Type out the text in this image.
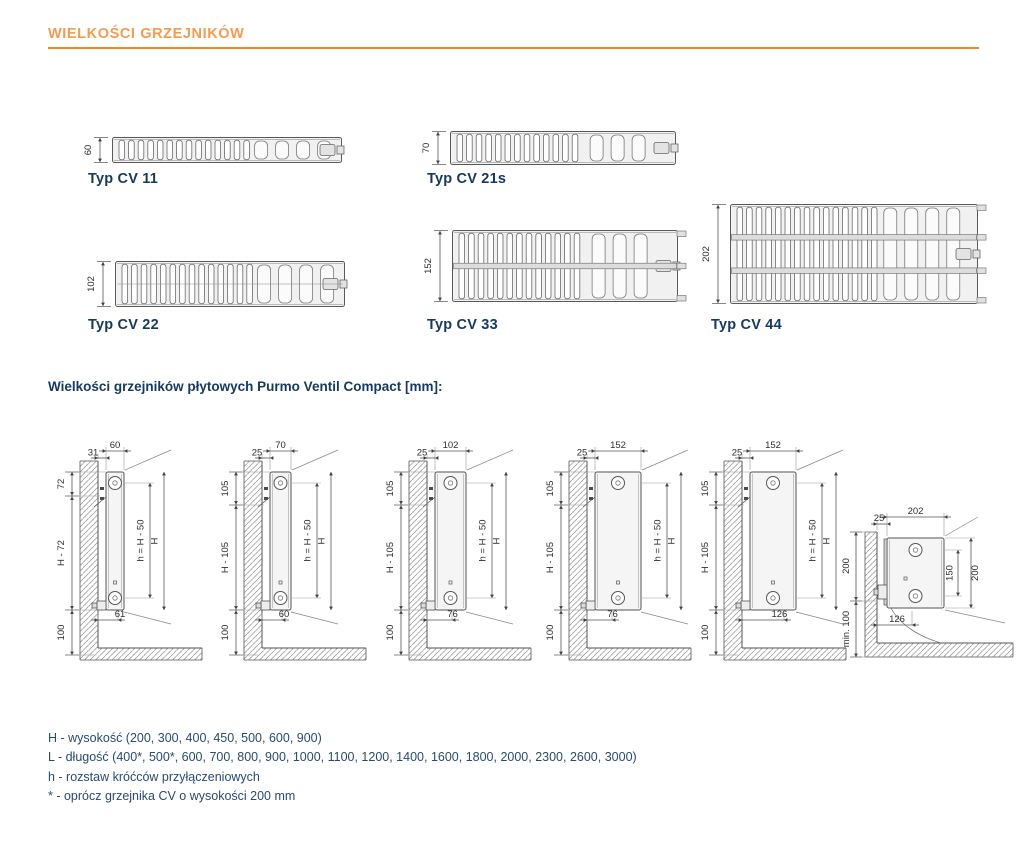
WIELKOŚCI GRZEJNIKÓW
Typ CV 11	Typ CV 21s
Typ CV 22	Typ CV 33	Typ CV 44
Wielkości grzejników płytowych Purmo Ventil Compact [mm]:
H - wysokość (200, 300, 400, 450, 500, 600, 900)
L - długość (400*, 500*, 600, 700, 800, 900, 1000, 1100, 1200, 1400, 1600, 1800, 2000, 2300, 2600, 3000)
h - rozstaw króćców przyłączeniowych
* - oprócz grzejnika CV o wysokości 200 mm
60	70
102
152
202
60
31
72
H - 72
100
h = H - 50 H
61
70
25
105
H - 105
100
h = H - 50 H
60
102
25
105
H - 105
100
h = H - 50 H
76
152
25
105
H - 105
100
h = H - 50 H
76
152
25
105
H - 105
100
h = H - 50 H
126
202
25
150 200
200
min. 100	126
